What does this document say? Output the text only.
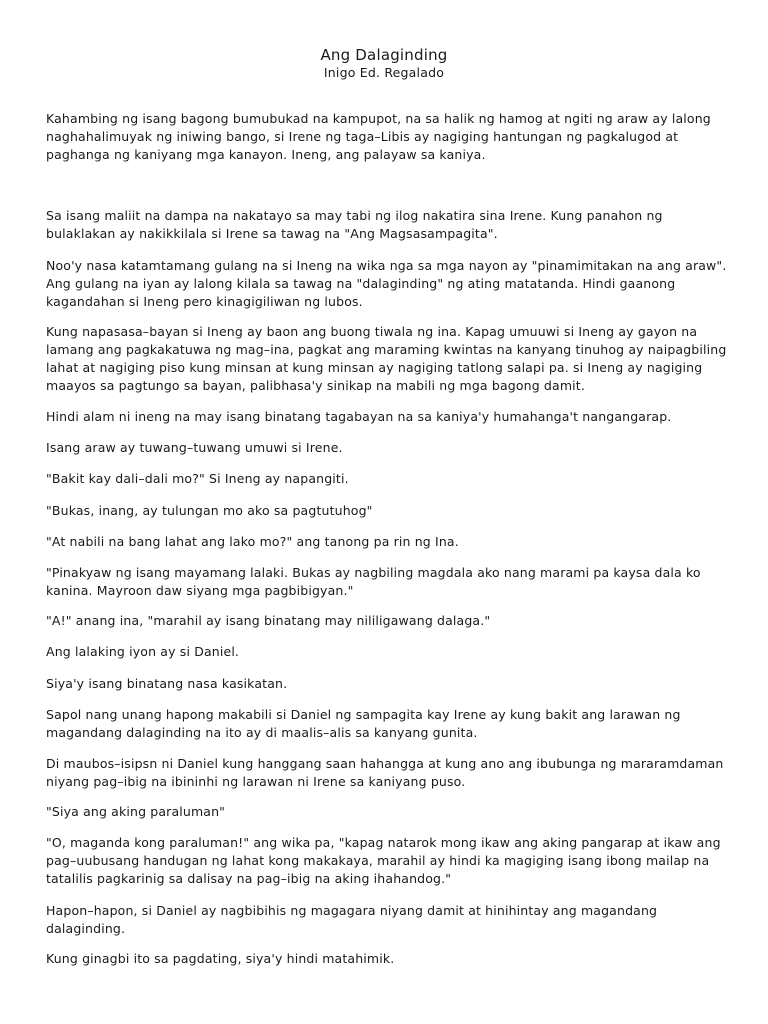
Ang Dalaginding
Inigo Ed. Regalado

Kahambing ng isang bagong bumubukad na kampupot, na sa halik ng hamog at ngiti ng araw ay lalong
naghahalimuyak ng iniwing bango, si Irene ng taga–Libis ay nagiging hantungan ng pagkalugod at
paghanga ng kaniyang mga kanayon. Ineng, ang palayaw sa kaniya.

Sa isang maliit na dampa na nakatayo sa may tabi ng ilog nakatira sina Irene. Kung panahon ng
bulaklakan ay nakikkilala si Irene sa tawag na "Ang Magsasampagita".

Noo'y nasa katamtamang gulang na si Ineng na wika nga sa mga nayon ay "pinamimitakan na ang araw".
Ang gulang na iyan ay lalong kilala sa tawag na "dalaginding" ng ating matatanda. Hindi gaanong
kagandahan si Ineng pero kinagigiliwan ng lubos.

Kung napasasa–bayan si Ineng ay baon ang buong tiwala ng ina. Kapag umuuwi si Ineng ay gayon na
lamang ang pagkakatuwa ng mag–ina, pagkat ang maraming kwintas na kanyang tinuhog ay naipagbiling
lahat at nagiging piso kung minsan at kung minsan ay nagiging tatlong salapi pa. si Ineng ay nagiging
maayos sa pagtungo sa bayan, palibhasa'y sinikap na mabili ng mga bagong damit.

Hindi alam ni ineng na may isang binatang tagabayan na sa kaniya'y humahanga't nangangarap.

Isang araw ay tuwang–tuwang umuwi si Irene.

"Bakit kay dali–dali mo?" Si Ineng ay napangiti.

"Bukas, inang, ay tulungan mo ako sa pagtutuhog"

"At nabili na bang lahat ang lako mo?" ang tanong pa rin ng Ina.

"Pinakyaw ng isang mayamang lalaki. Bukas ay nagbiling magdala ako nang marami pa kaysa dala ko
kanina. Mayroon daw siyang mga pagbibigyan."

"A!" anang ina, "marahil ay isang binatang may nililigawang dalaga."

Ang lalaking iyon ay si Daniel.

Siya'y isang binatang nasa kasikatan.

Sapol nang unang hapong makabili si Daniel ng sampagita kay Irene ay kung bakit ang larawan ng
magandang dalaginding na ito ay di maalis–alis sa kanyang gunita.

Di maubos–isipsn ni Daniel kung hanggang saan hahangga at kung ano ang ibubunga ng mararamdaman
niyang pag–ibig na ibininhi ng larawan ni Irene sa kaniyang puso.

"Siya ang aking paraluman"

"O, maganda kong paraluman!" ang wika pa, "kapag natarok mong ikaw ang aking pangarap at ikaw ang
pag–uubusang handugan ng lahat kong makakaya, marahil ay hindi ka magiging isang ibong mailap na
tatalilis pagkarinig sa dalisay na pag–ibig na aking ihahandog."

Hapon–hapon, si Daniel ay nagbibihis ng magagara niyang damit at hinihintay ang magandang
dalaginding.

Kung ginagbi ito sa pagdating, siya'y hindi matahimik.
